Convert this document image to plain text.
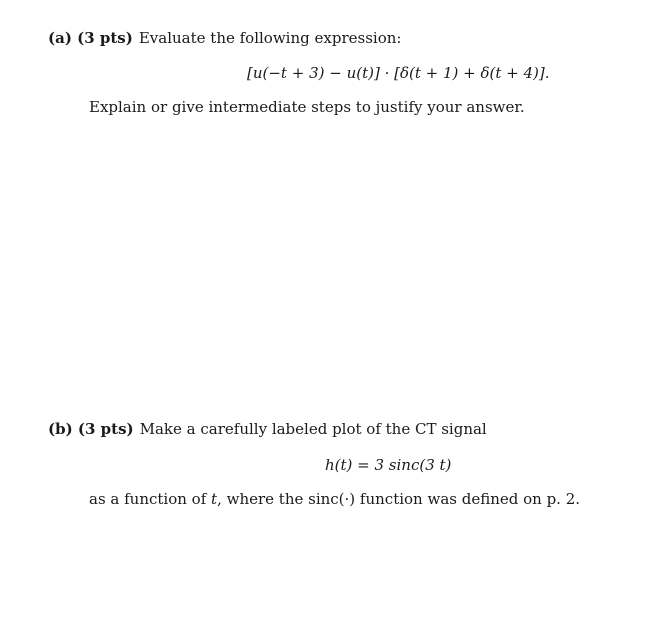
(a) (3 pts) Evaluate the following expression:
[u(−t + 3) − u(t)] · [δ(t + 1) + δ(t + 4)].
Explain or give intermediate steps to justify your answer.
(b) (3 pts) Make a carefully labeled plot of the CT signal
h(t) = 3 sinc(3 t)
as a function of t, where the sinc(·) function was defined on p. 2.
